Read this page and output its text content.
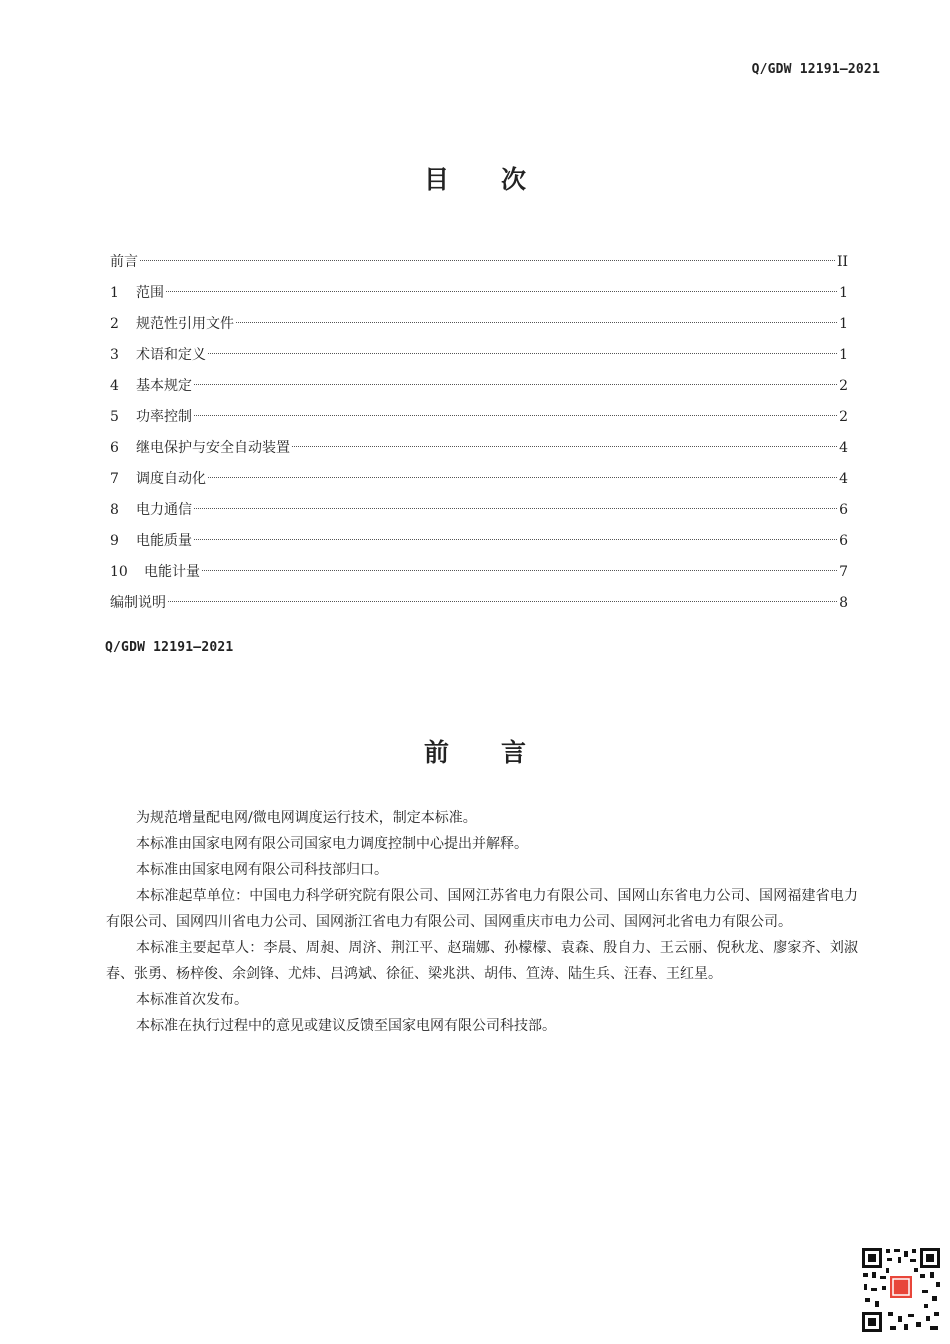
Q/GDW 12191—2021
目 次
前言	II
1	范围	1
2	规范性引用文件	1
3	术语和定义	1
4	基本规定	2
5	功率控制	2
6	继电保护与安全自动装置	4
7	调度自动化	4
8	电力通信	6
9	电能质量	6
10	电能计量	7
编制说明	8
Q/GDW 12191—2021
前 言

为规范增量配电网/微电网调度运行技术，制定本标准。

本标准由国家电网有限公司国家电力调度控制中心提出并解释。

本标准由国家电网有限公司科技部归口。

本标准起草单位：中国电力科学研究院有限公司、国网江苏省电力有限公司、国网山东省电力公司、国网福建省电力有限公司、国网四川省电力公司、国网浙江省电力有限公司、国网重庆市电力公司、国网河北省电力有限公司。

本标准主要起草人：李晨、周昶、周济、荆江平、赵瑞娜、孙檬檬、袁森、殷自力、王云丽、倪秋龙、廖家齐、刘淑春、张勇、杨梓俊、余剑锋、尤炜、吕鸿斌、徐征、梁兆洪、胡伟、笪涛、陆生兵、汪春、王红星。

本标准首次发布。

本标准在执行过程中的意见或建议反馈至国家电网有限公司科技部。
